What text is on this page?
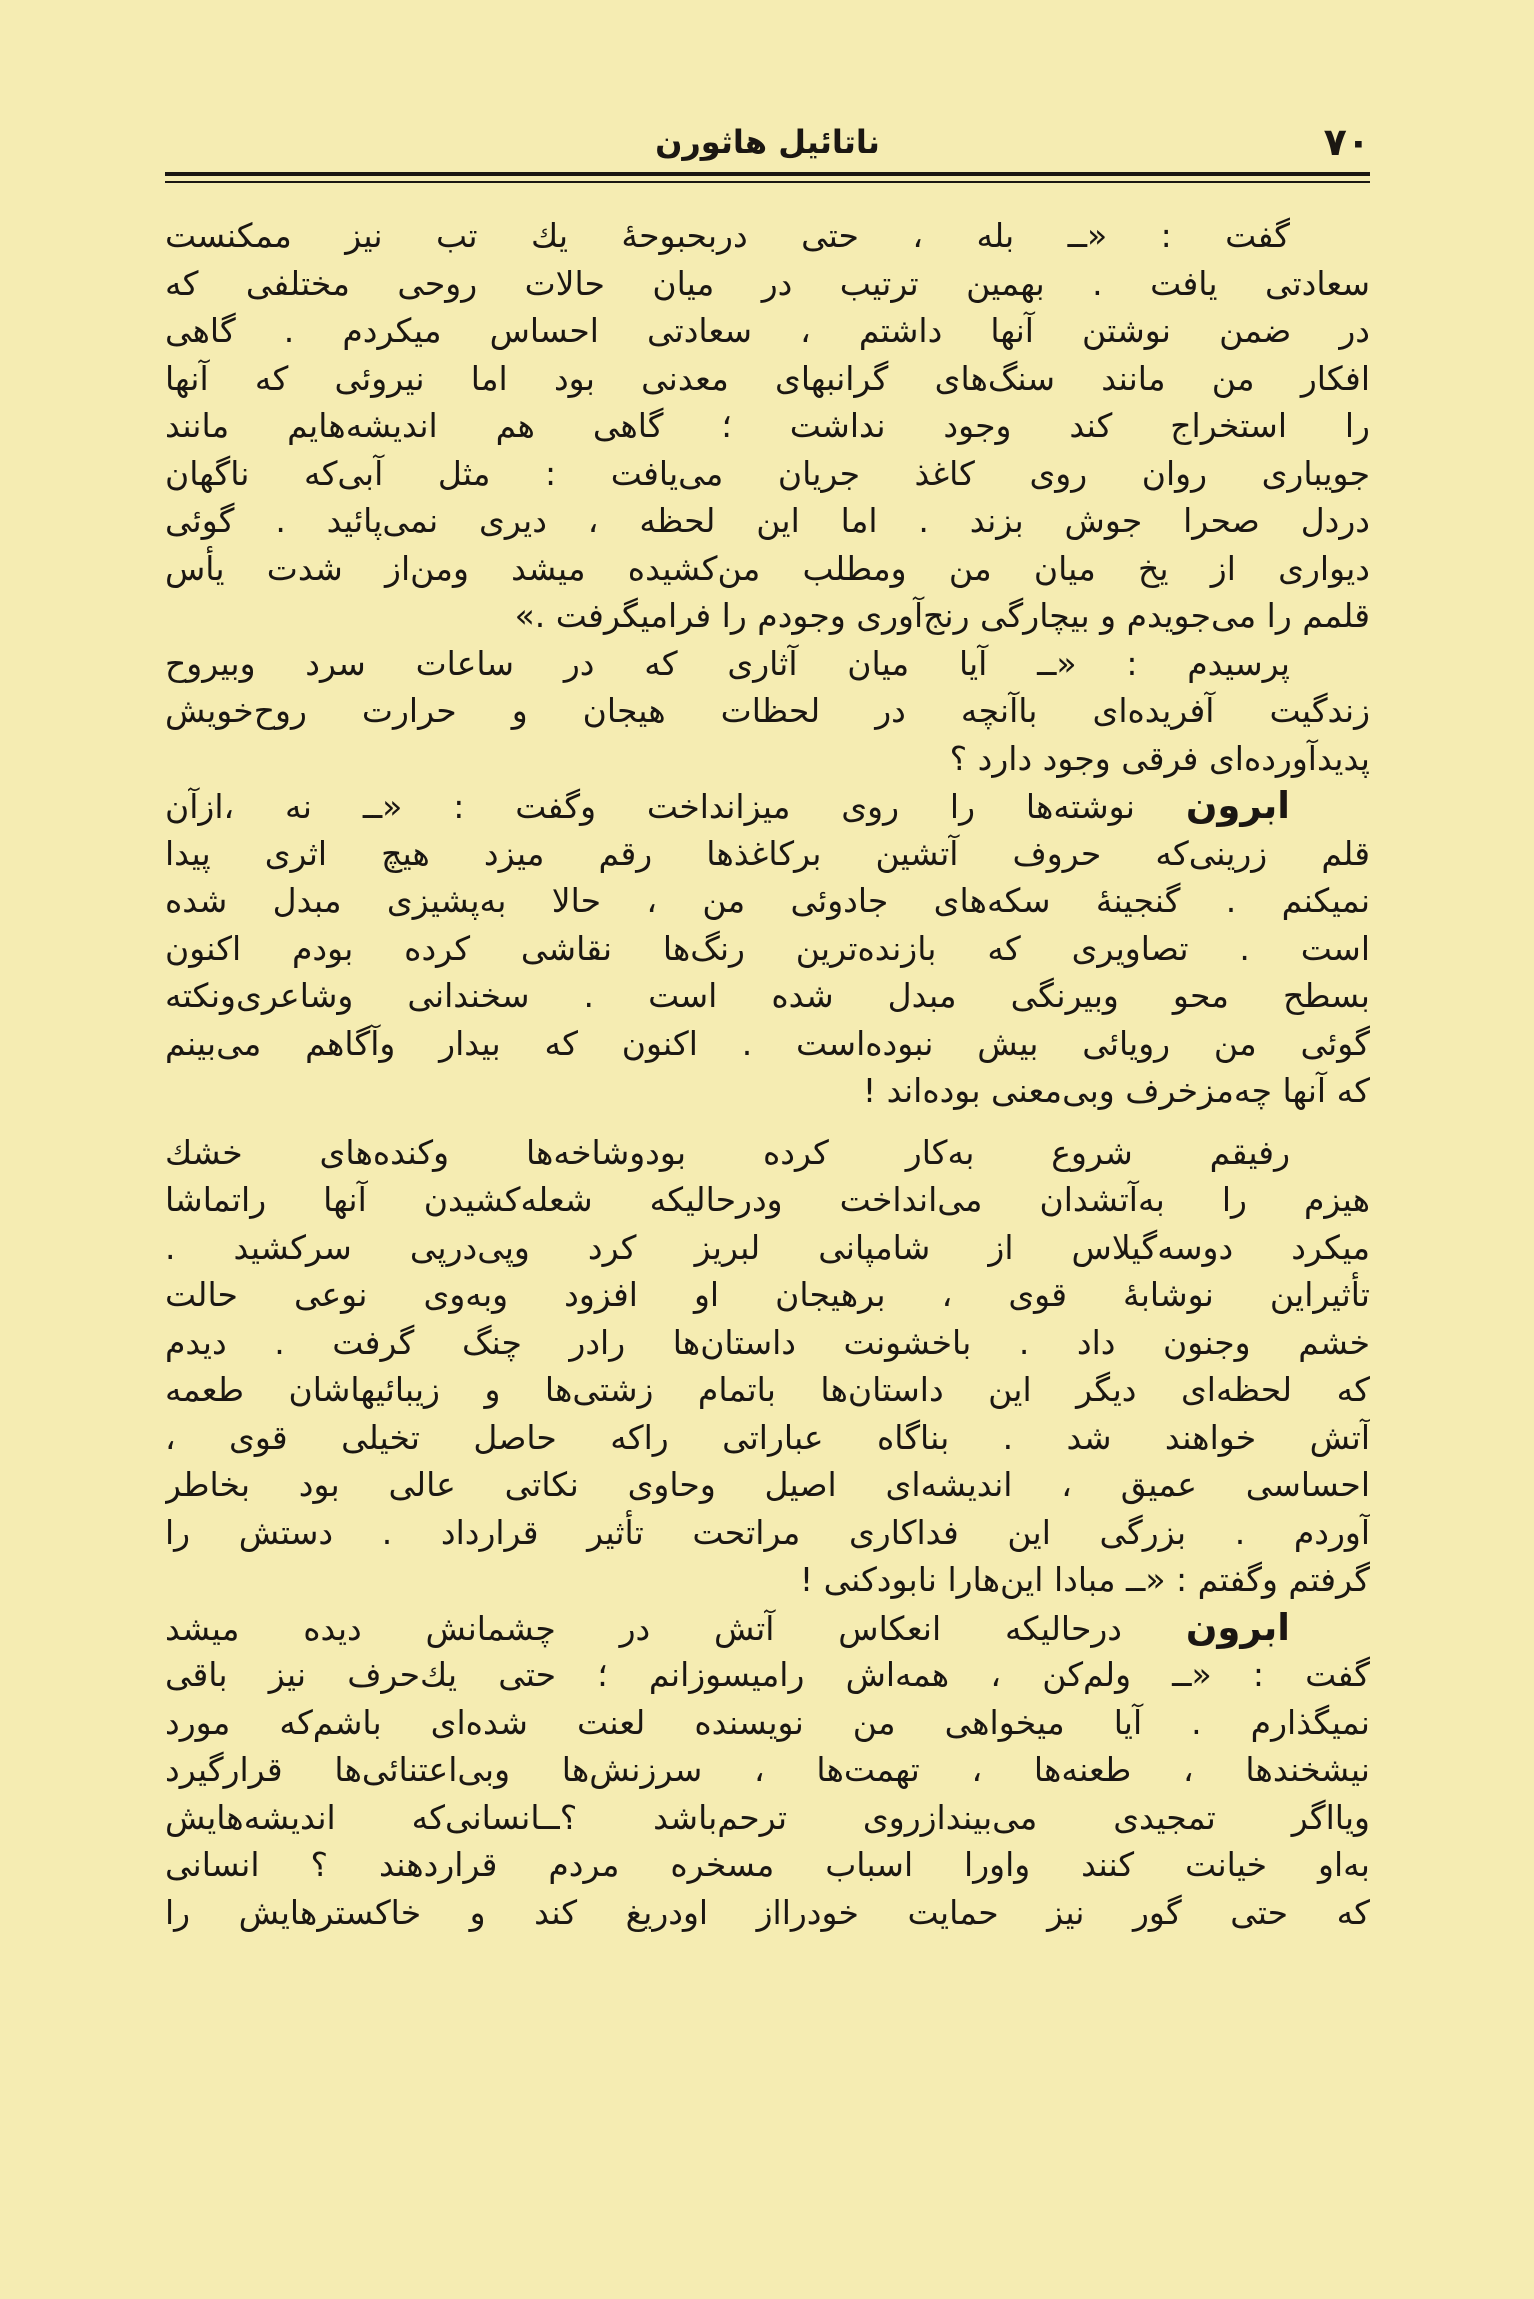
۷۰
ناتائیل هاثورن
گفت : «ــ بله ، حتی دربحبوحهٔ یك تب نیز ممکنست
سعادتی یافت . بهمین ترتیب در میان حالات روحی مختلفی که
در ضمن نوشتن آنها داشتم ، سعادتی احساس میکردم . گاهی
افکار من مانند سنگ‌های گرانبهای معدنی بود اما نیروئی که آنها
را استخراج کند وجود نداشت ؛ گاهی هم اندیشه‌هایم مانند
جویباری روان روی کاغذ جریان می‌یافت : مثل آبی‌که ناگهان
دردل صحرا جوش بزند . اما این لحظه ، دیری نمی‌پائید . گوئی
دیواری از یخ میان من ومطلب من‌کشیده میشد ومن‌از شدت یأس
قلمم را می‌جویدم و بیچارگی رنج‌آوری وجودم را فرامیگرفت .»
پرسیدم : «ــ آیا میان آثاری که در ساعات سرد وبیروح
زندگیت آفریده‌ای باآنچه در لحظات هیجان و حرارت روح‌خویش
پدیدآورده‌ای فرقی وجود دارد ؟
ابرون نوشته‌ها را روی میزانداخت وگفت : «ــ نه ،ازآن
قلم زرینی‌که حروف آتشین برکاغذها رقم میزد هیچ اثری پیدا
نمیکنم . گنجینهٔ سکه‌های جادوئی من ، حالا به‌پشیزی مبدل شده
است . تصاویری که بازنده‌ترین رنگ‌ها نقاشی کرده بودم اکنون
بسطح محو وبیرنگی مبدل شده است . سخندانی وشاعری‌ونکته
گوئی من رویائی بیش نبوده‌است . اکنون که بیدار وآگاهم می‌بینم
که آنها چه‌مزخرف وبی‌معنی بوده‌اند !
رفیقم شروع به‌کار کرده بودوشاخه‌ها وکنده‌های خشك
هیزم را به‌آتشدان می‌انداخت ودرحالیکه شعله‌کشیدن آنها راتماشا
میکرد دوسه‌گیلاس از شامپانی لبریز کرد وپی‌درپی سرکشید .
تأثیراین نوشابهٔ قوی ، برهیجان او افزود وبه‌وی نوعی حالت
خشم وجنون داد . باخشونت داستان‌ها رادر چنگ گرفت . دیدم
که لحظه‌ای دیگر این داستان‌ها باتمام زشتی‌ها و زیبائیهاشان طعمه
آتش خواهند شد . بناگاه عباراتی راکه حاصل تخیلی قوی ،
احساسی عمیق ، اندیشه‌ای اصیل وحاوی نکاتی عالی بود بخاطر
آوردم . بزرگی این فداکاری مراتحت تأثیر قرارداد . دستش را
گرفتم وگفتم : «ــ مبادا این‌هارا نابودکنی !
ابرون درحالیکه انعکاس آتش در چشمانش دیده میشد
گفت : «ــ ولم‌کن ، همه‌اش رامیسوزانم ؛ حتی یك‌حرف نیز باقی
نمیگذارم . آیا میخواهی من نویسنده لعنت شده‌ای باشم‌که مورد
نیشخندها ، طعنه‌ها ، تهمت‌ها ، سرزنش‌ها وبی‌اعتنائی‌ها قرارگیرد
ویااگر تمجیدی می‌بیندازروی ترحم‌باشد ؟ــانسانی‌که اندیشه‌هایش
به‌او خیانت کنند واورا اسباب مسخره مردم قراردهند ؟ انسانی
که حتی گور نیز حمایت خودرااز اودریغ کند و خاکسترهایش را
